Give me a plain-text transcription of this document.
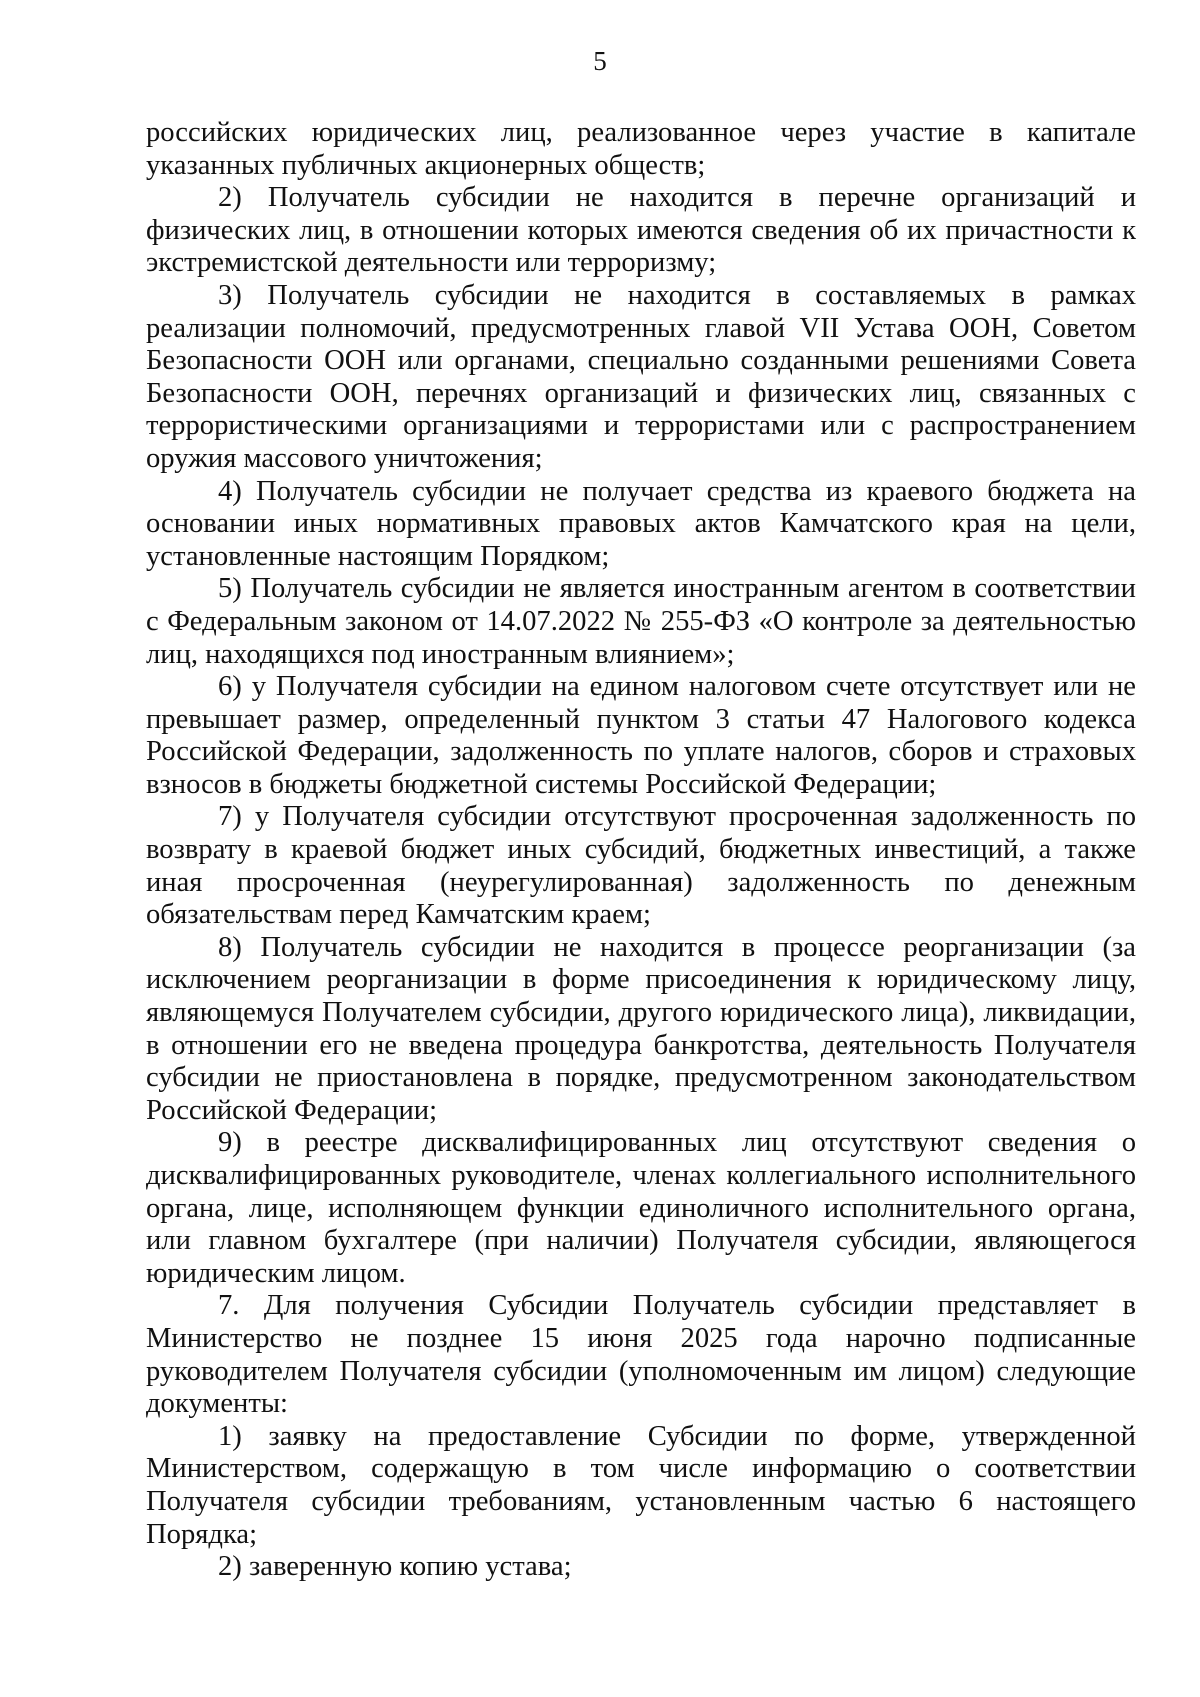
5

российских юридических лиц, реализованное через участие в капитале указанных публичных акционерных обществ;

2) Получатель субсидии не находится в перечне организаций и физических лиц, в отношении которых имеются сведения об их причастности к экстремистской деятельности или терроризму;

3) Получатель субсидии не находится в составляемых в рамках реализации полномочий, предусмотренных главой VII Устава ООН, Советом Безопасности ООН или органами, специально созданными решениями Совета Безопасности ООН, перечнях организаций и физических лиц, связанных с террористическими организациями и террористами или с распространением оружия массового уничтожения;

4) Получатель субсидии не получает средства из краевого бюджета на основании иных нормативных правовых актов Камчатского края на цели, установленные настоящим Порядком;

5) Получатель субсидии не является иностранным агентом в соответствии с Федеральным законом от 14.07.2022 № 255-ФЗ «О контроле за деятельностью лиц, находящихся под иностранным влиянием»;

6) у Получателя субсидии на едином налоговом счете отсутствует или не превышает размер, определенный пунктом 3 статьи 47 Налогового кодекса Российской Федерации, задолженность по уплате налогов, сборов и страховых взносов в бюджеты бюджетной системы Российской Федерации;

7) у Получателя субсидии отсутствуют просроченная задолженность по возврату в краевой бюджет иных субсидий, бюджетных инвестиций, а также иная просроченная (неурегулированная) задолженность по денежным обязательствам перед Камчатским краем;

8) Получатель субсидии не находится в процессе реорганизации (за исключением реорганизации в форме присоединения к юридическому лицу, являющемуся Получателем субсидии, другого юридического лица), ликвидации, в отношении его не введена процедура банкротства, деятельность Получателя субсидии не приостановлена в порядке, предусмотренном законодательством Российской Федерации;

9) в реестре дисквалифицированных лиц отсутствуют сведения о дисквалифицированных руководителе, членах коллегиального исполнительного органа, лице, исполняющем функции единоличного исполнительного органа, или главном бухгалтере (при наличии) Получателя субсидии, являющегося юридическим лицом.

7. Для получения Субсидии Получатель субсидии представляет в Министерство не позднее 15 июня 2025 года нарочно подписанные руководителем Получателя субсидии (уполномоченным им лицом) следующие документы:

1) заявку на предоставление Субсидии по форме, утвержденной Министерством, содержащую в том числе информацию о соответствии Получателя субсидии требованиям, установленным частью 6 настоящего Порядка;

2) заверенную копию устава;
